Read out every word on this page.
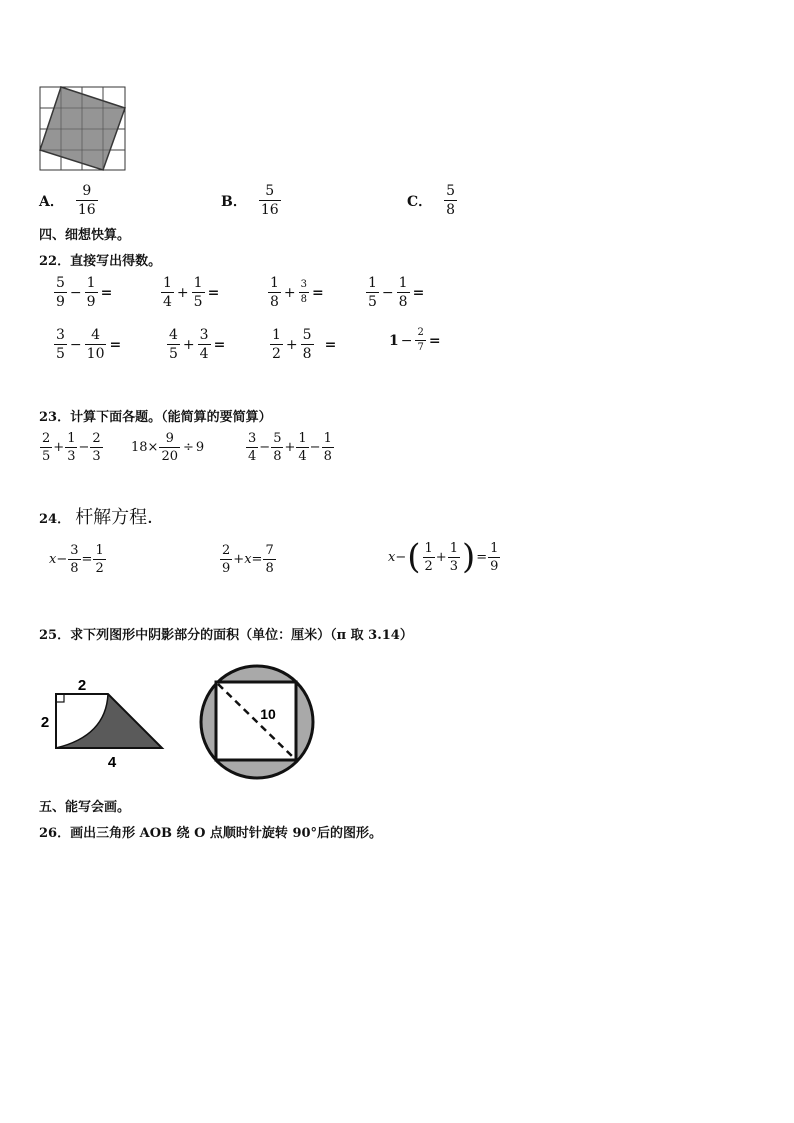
A． $\frac{9}{16}$	B． $\frac{5}{16}$	C． $\frac{5}{8}$
四、细想快算。
22．直接写出得数。
$\frac{5}{9} - \frac{1}{9}$ =	$\frac{1}{4} + \frac{1}{5}$ =	$\frac{1}{8} + \frac{3}{8}$ =	$\frac{1}{5} - \frac{1}{8}$ =
$\frac{3}{5} - \frac{4}{10}$ =	$\frac{4}{5} + \frac{3}{4}$ =	$\frac{1}{2} + \frac{5}{8}$ =	$1 - \frac{2}{7}$ =
23．计算下面各题。（能简算的要简算）
$\frac{2}{5} + \frac{1}{3} - \frac{2}{3} 18 \times \frac{9}{20} \div 9$	$\frac{3}{4} - \frac{5}{8} + \frac{1}{4} - \frac{1}{8}$
24． 杆解方程．
$x - \frac{3}{8} = \frac{1}{2}$	$\frac{2}{9} + x = \frac{7}{8}$	x − ( $\frac{1}{2} + \frac{1}{3}$ ) = $\frac{1}{9}$
25．求下列图形中阴影部分的面积（单位：厘米）（π 取 3.14）
2
2
4
10
五、能写会画。
26．画出三角形 AOB 绕 O 点顺时针旋转 90°后的图形。
